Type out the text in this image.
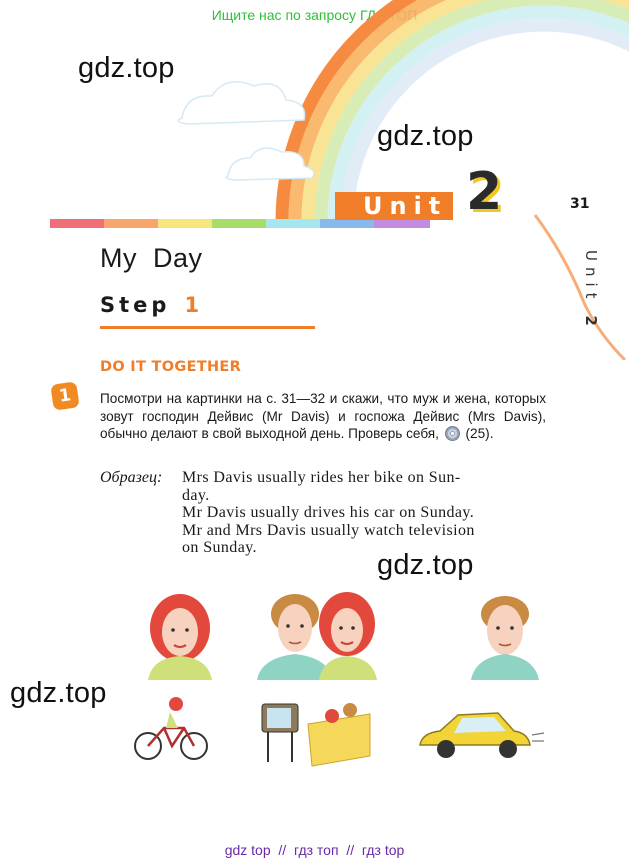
Ищите нас по запросу ГДЗ ТОП
Unit 2	31
Unit 2
gdz.top
gdz.top
gdz.top
gdz.top
My  Day
Step 1
DO IT TOGETHER
1	Посмотри на картинки на с. 31—32 и скажи, что муж и жена, которых зовут господин Дейвис (Mr Davis) и госпожа Дейвис (Mrs Davis), обычно делают в свой выходной день. Проверь себя, (25).
Образец: Mrs Davis usually rides her bike on Sun-

day.

Mr Davis usually drives his car on Sunday.

Mr and Mrs Davis usually watch television

on Sunday.

gdz top  //  гдз топ  //  гдз top
